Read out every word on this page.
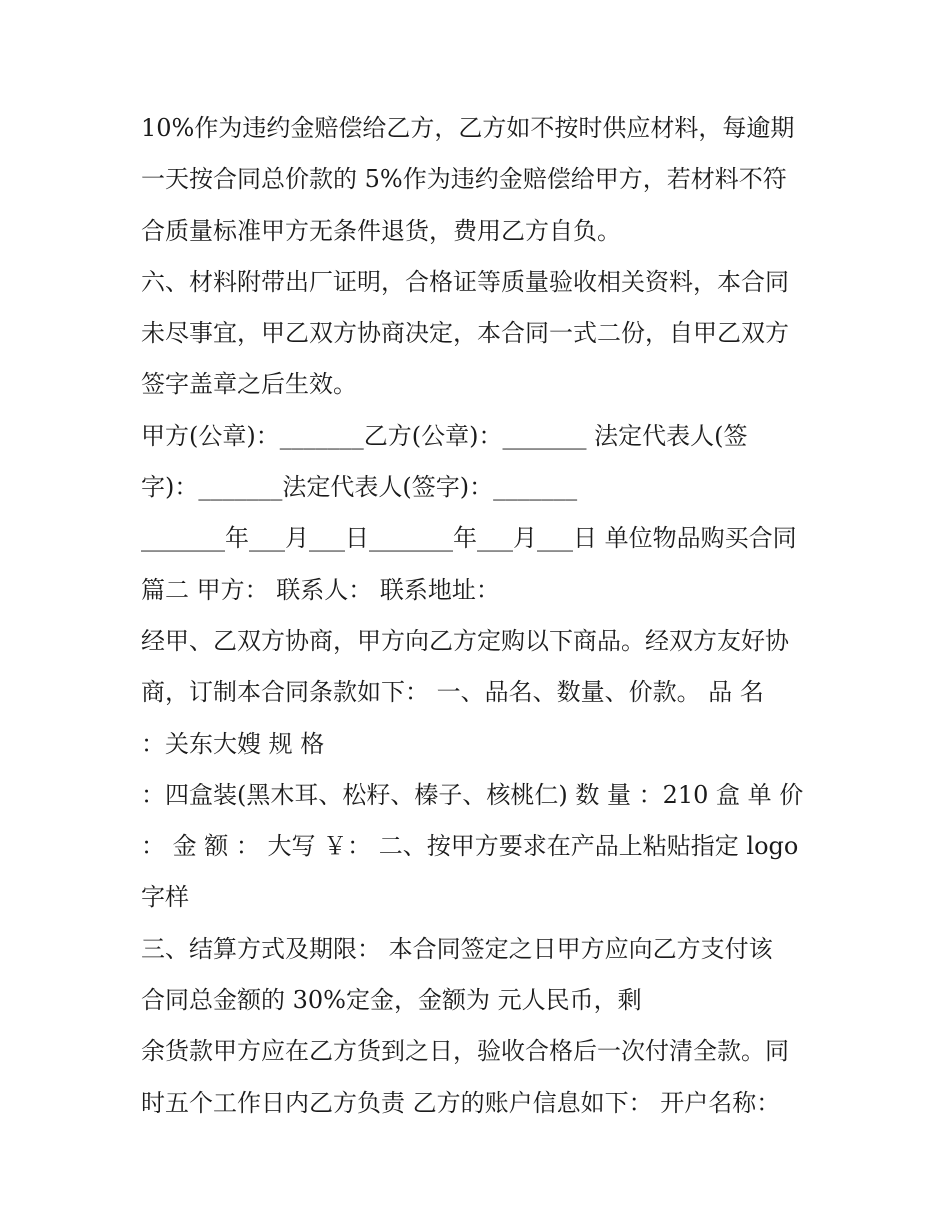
10%作为违约金赔偿给乙方，乙方如不按时供应材料，每逾期
一天按合同总价款的 5%作为违约金赔偿给甲方，若材料不符
合质量标准甲方无条件退货，费用乙方自负。
六、材料附带出厂证明，合格证等质量验收相关资料，本合同
未尽事宜，甲乙双方协商决定，本合同一式二份，自甲乙双方
签字盖章之后生效。
甲方(公章)：_______乙方(公章)：_______ 法定代表人(签
字)：_______法定代表人(签字)：_______
_______年___月___日_______年___月___日 单位物品购买合同
篇二 甲方： 联系人： 联系地址：
经甲、乙双方协商，甲方向乙方定购以下商品。经双方友好协
商，订制本合同条款如下： 一、品名、数量、价款。 品 名
：关东大嫂 规 格
：四盒装(黑木耳、松籽、榛子、核桃仁) 数 量 ：210 盒 单 价
： 金 额 ： 大写 ￥： 二、按甲方要求在产品上粘贴指定 logo
字样
三、结算方式及期限： 本合同签定之日甲方应向乙方支付该
合同总金额的 30%定金，金额为 元人民币，剩
余货款甲方应在乙方货到之日，验收合格后一次付清全款。同
时五个工作日内乙方负责 乙方的账户信息如下： 开户名称：
